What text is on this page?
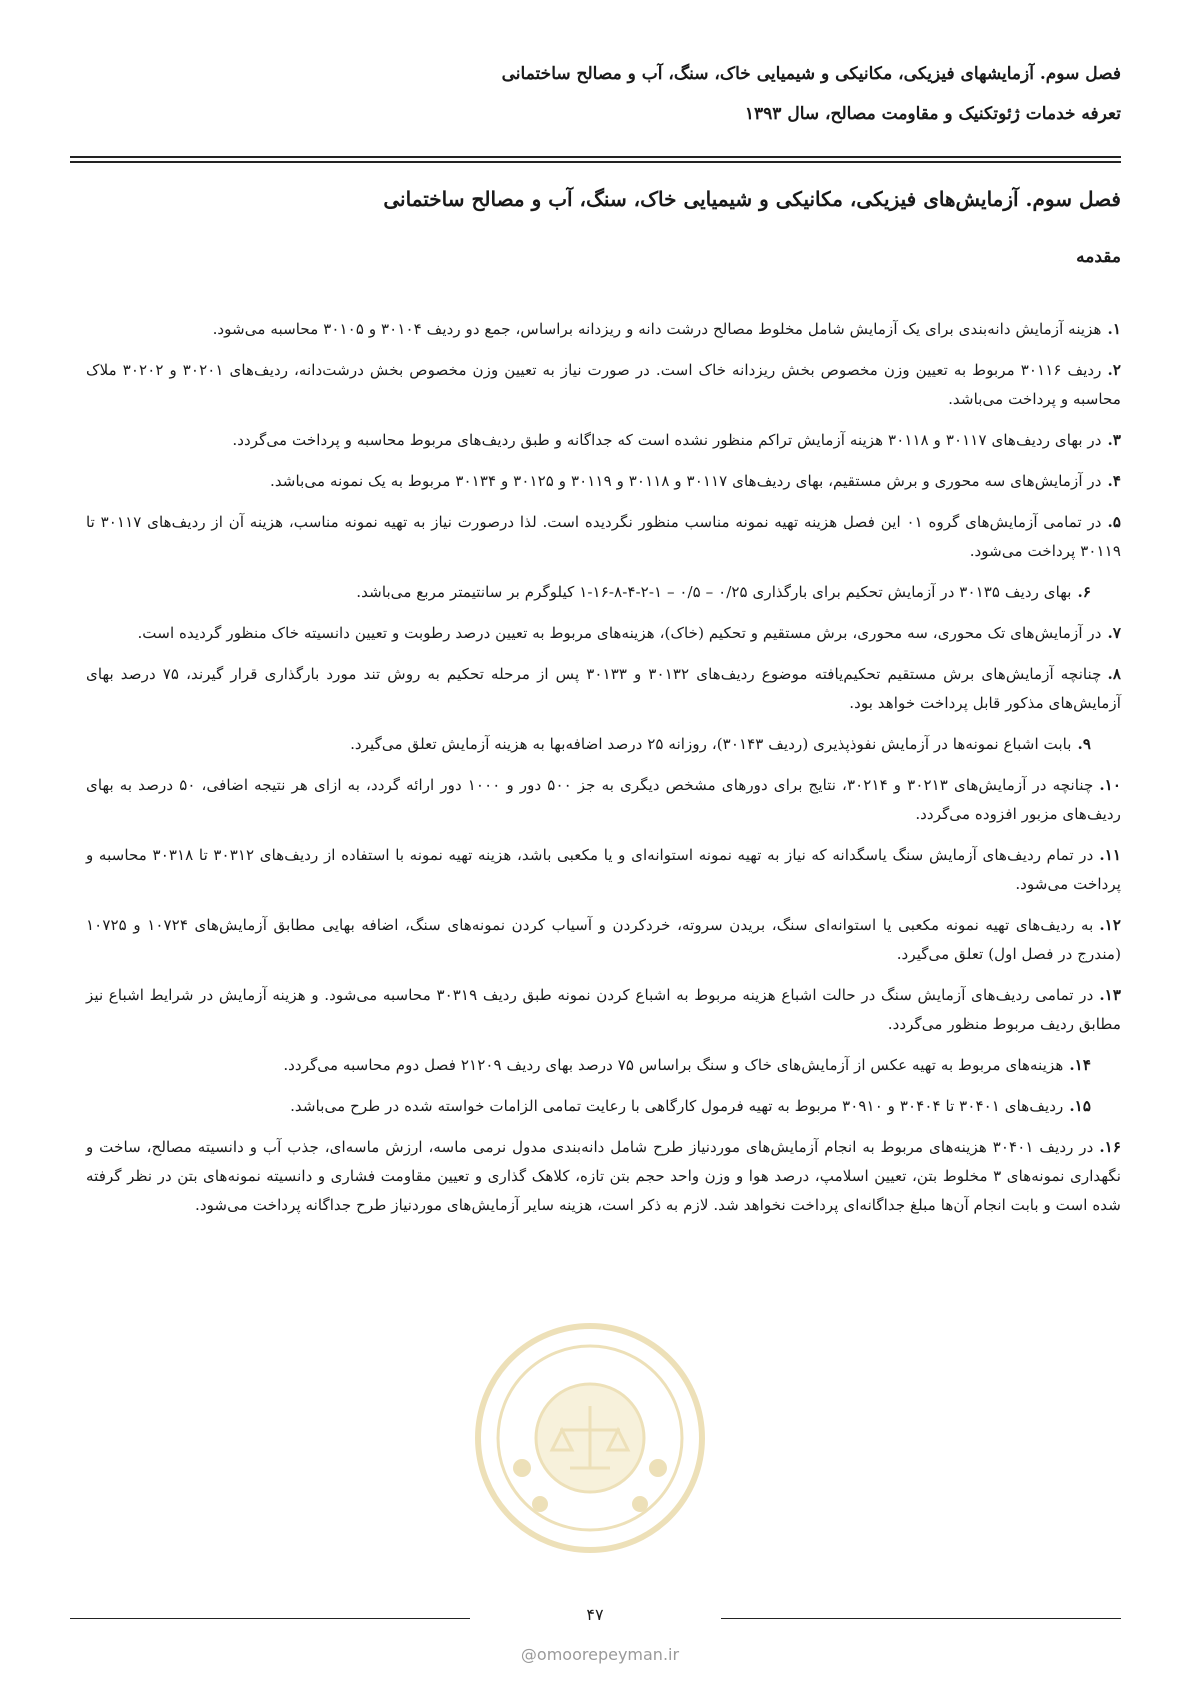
فصل سوم. آزمایشهای فیزیکی، مکانیکی و شیمیایی خاک، سنگ، آب و مصالح ساختمانی
تعرفه خدمات ژئوتکنیک و مقاومت مصالح، سال ۱۳۹۳
فصل سوم. آزمایش‌های فیزیکی، مکانیکی و شیمیایی خاک، سنگ، آب و مصالح ساختمانی
مقدمه
۱.هزینه آزمایش دانه‌بندی برای یک آزمایش شامل مخلوط مصالح درشت دانه و ریزدانه براساس، جمع دو ردیف ۳۰۱۰۴ و ۳۰۱۰۵ محاسبه می‌شود.
۲.ردیف ۳۰۱۱۶ مربوط به تعیین وزن مخصوص بخش ریزدانه خاک است. در صورت نیاز به تعیین وزن مخصوص بخش درشت‌دانه، ردیف‌های ۳۰۲۰۱ و ۳۰۲۰۲ ملاک محاسبه و پرداخت می‌باشد.
۳.در بهای ردیف‌های ۳۰۱۱۷ و ۳۰۱۱۸ هزینه آزمایش تراکم منظور نشده است که جداگانه و طبق ردیف‌های مربوط محاسبه و پرداخت می‌گردد.
۴.در آزمایش‌های سه محوری و برش مستقیم، بهای ردیف‌های ۳۰۱۱۷ و ۳۰۱۱۸ و ۳۰۱۱۹ و ۳۰۱۲۵ و ۳۰۱۳۴ مربوط به یک نمونه می‌باشد.
۵.در تمامی آزمایش‌های گروه ۰۱ این فصل هزینه تهیه نمونه مناسب منظور نگردیده است. لذا درصورت نیاز به تهیه نمونه مناسب، هزینه آن از ردیف‌های ۳۰۱۱۷ تا ۳۰۱۱۹ پرداخت می‌شود.
۶.بهای ردیف ۳۰۱۳۵ در آزمایش تحکیم برای بارگذاری ۰/۲۵ – ۰/۵ – ۱-۲-۴-۸-۱۶-۱ کیلوگرم بر سانتیمتر مربع می‌باشد.
۷.در آزمایش‌های تک محوری، سه محوری، برش مستقیم و تحکیم (خاک)، هزینه‌های مربوط به تعیین درصد رطوبت و تعیین دانسیته خاک منظور گردیده است.
۸.چنانچه آزمایش‌های برش مستقیم تحکیم‌یافته موضوع ردیف‌های ۳۰۱۳۲ و ۳۰۱۳۳ پس از مرحله تحکیم به روش تند مورد بارگذاری قرار گیرند، ۷۵ درصد بهای آزمایش‌های مذکور قابل پرداخت خواهد بود.
۹.بابت اشباع نمونه‌ها در آزمایش نفوذپذیری (ردیف ۳۰۱۴۳)، روزانه ۲۵ درصد اضافه‌بها به هزینه آزمایش تعلق می‌گیرد.
۱۰.چنانچه در آزمایش‌های ۳۰۲۱۳ و ۳۰۲۱۴، نتایج برای دورهای مشخص دیگری به جز ۵۰۰ دور و ۱۰۰۰ دور ارائه گردد، به ازای هر نتیجه اضافی، ۵۰ درصد به بهای ردیف‌های مزبور افزوده می‌گردد.
۱۱.در تمام ردیف‌های آزمایش سنگ یاسگدانه که نیاز به تهیه نمونه استوانه‌ای و یا مکعبی باشد، هزینه تهیه نمونه با استفاده از ردیف‌های ۳۰۳۱۲ تا ۳۰۳۱۸ محاسبه و پرداخت می‌شود.
۱۲.به ردیف‌های تهیه نمونه مکعبی یا استوانه‌ای سنگ، بریدن سروته، خردکردن و آسیاب کردن نمونه‌های سنگ، اضافه بهایی مطابق آزمایش‌های ۱۰۷۲۴ و ۱۰۷۲۵ (مندرج در فصل اول) تعلق می‌گیرد.
۱۳.در تمامی ردیف‌های آزمایش سنگ در حالت اشباع هزینه مربوط به اشباع کردن نمونه طبق ردیف ۳۰۳۱۹ محاسبه می‌شود. و هزینه آزمایش در شرایط اشباع نیز مطابق ردیف مربوط منظور می‌گردد.
۱۴.هزینه‌های مربوط به تهیه عکس از آزمایش‌های خاک و سنگ براساس ۷۵ درصد بهای ردیف ۲۱۲۰۹ فصل دوم محاسبه می‌گردد.
۱۵.ردیف‌های ۳۰۴۰۱ تا ۳۰۴۰۴ و ۳۰۹۱۰ مربوط به تهیه فرمول کارگاهی با رعایت تمامی الزامات خواسته شده در طرح می‌باشد.
۱۶.در ردیف ۳۰۴۰۱ هزینه‌های مربوط به انجام آزمایش‌های موردنیاز طرح شامل دانه‌بندی مدول نرمی ماسه، ارزش ماسه‌ای، جذب آب و دانسیته مصالح، ساخت و نگهداری نمونه‌های ۳ مخلوط بتن، تعیین اسلامپ، درصد هوا و وزن واحد حجم بتن تازه، کلاهک گذاری و تعیین مقاومت فشاری و دانسیته نمونه‌های بتن در نظر گرفته شده است و بابت انجام آن‌ها مبلغ جداگانه‌ای پرداخت نخواهد شد. لازم به ذکر است، هزینه سایر آزمایش‌های موردنیاز طرح جداگانه پرداخت می‌شود.
۴۷
@omoorepeyman.ir
